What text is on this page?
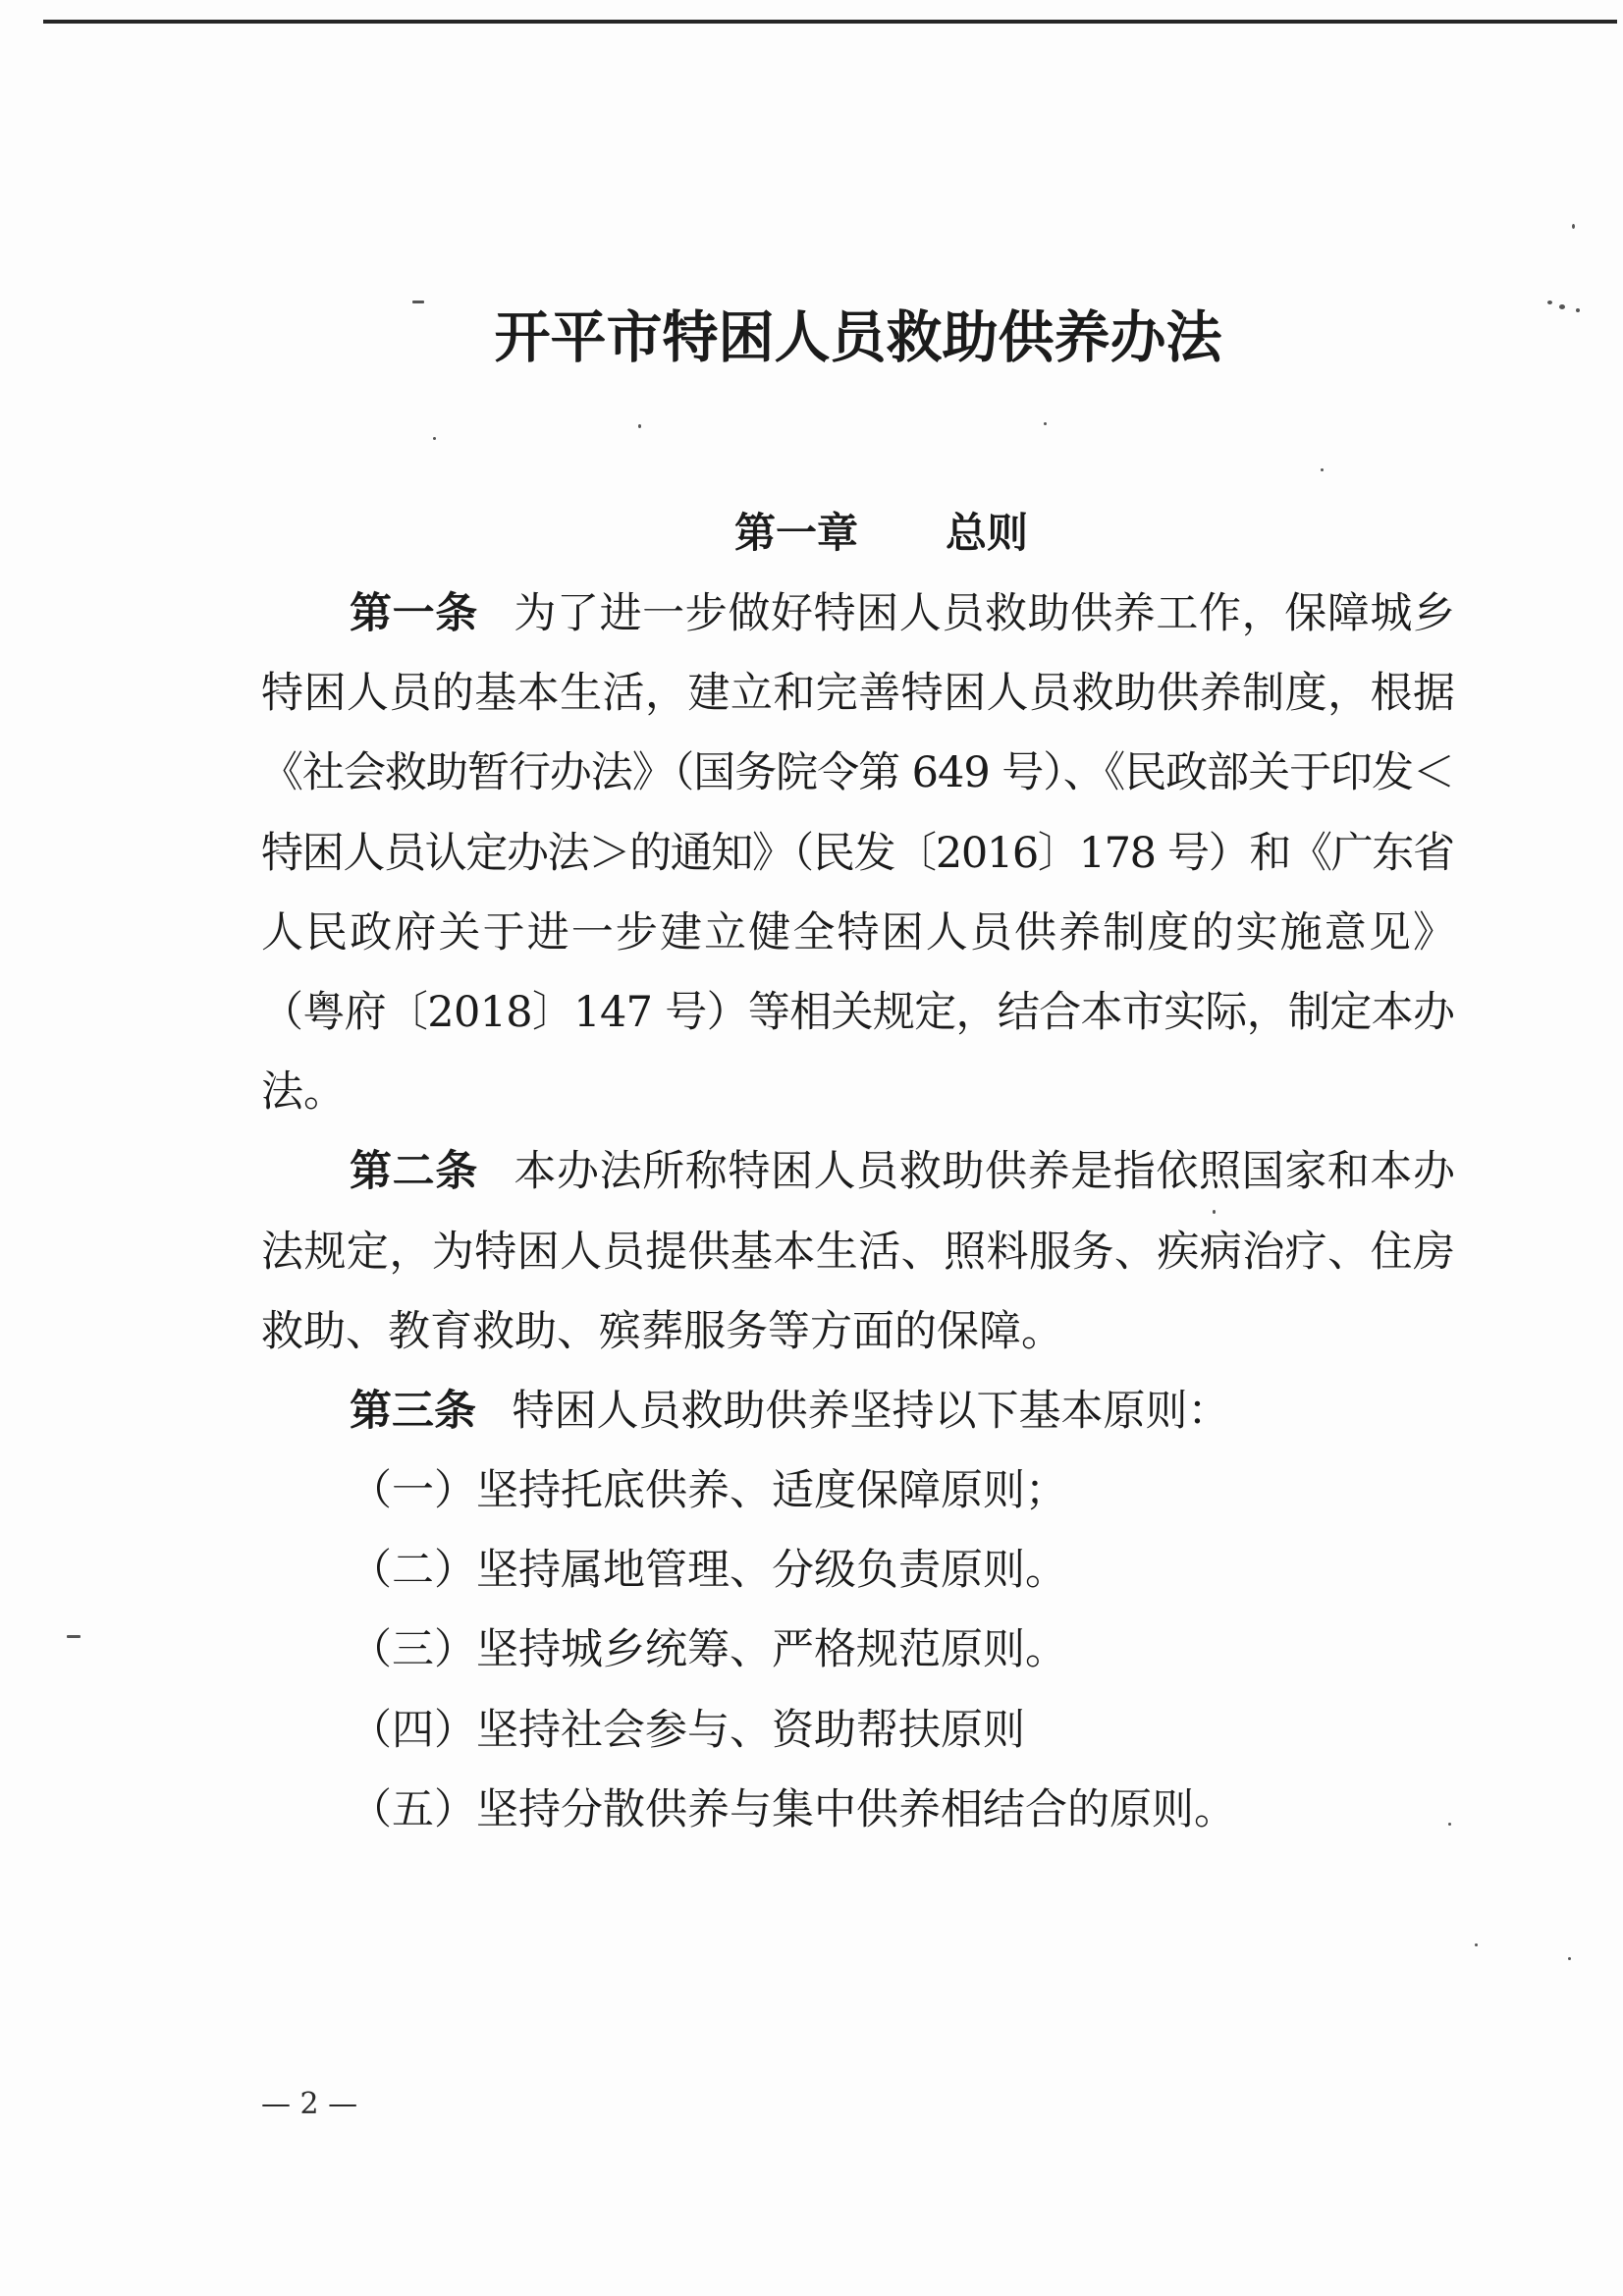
开平市特困人员救助供养办法
第一章 总则
第一条 为了进一步做好特困人员救助供养工作，保障城乡
特困人员的基本生活，建立和完善特困人员救助供养制度，根据
《社会救助暂行办法》（国务院令第 649 号）、《民政部关于印发＜
特困人员认定办法＞的通知》（民发〔2016〕178 号）和《广东省
人民政府关于进一步建立健全特困人员供养制度的实施意见》
（粤府〔2018〕147 号）等相关规定，结合本市实际，制定本办
法。
第二条 本办法所称特困人员救助供养是指依照国家和本办
法规定，为特困人员提供基本生活、照料服务、疾病治疗、住房
救助、教育救助、殡葬服务等方面的保障。
第三条 特困人员救助供养坚持以下基本原则：
（一）坚持托底供养、适度保障原则；
（二）坚持属地管理、分级负责原则。
（三）坚持城乡统筹、严格规范原则。
（四）坚持社会参与、资助帮扶原则
（五）坚持分散供养与集中供养相结合的原则。
— 2 —
